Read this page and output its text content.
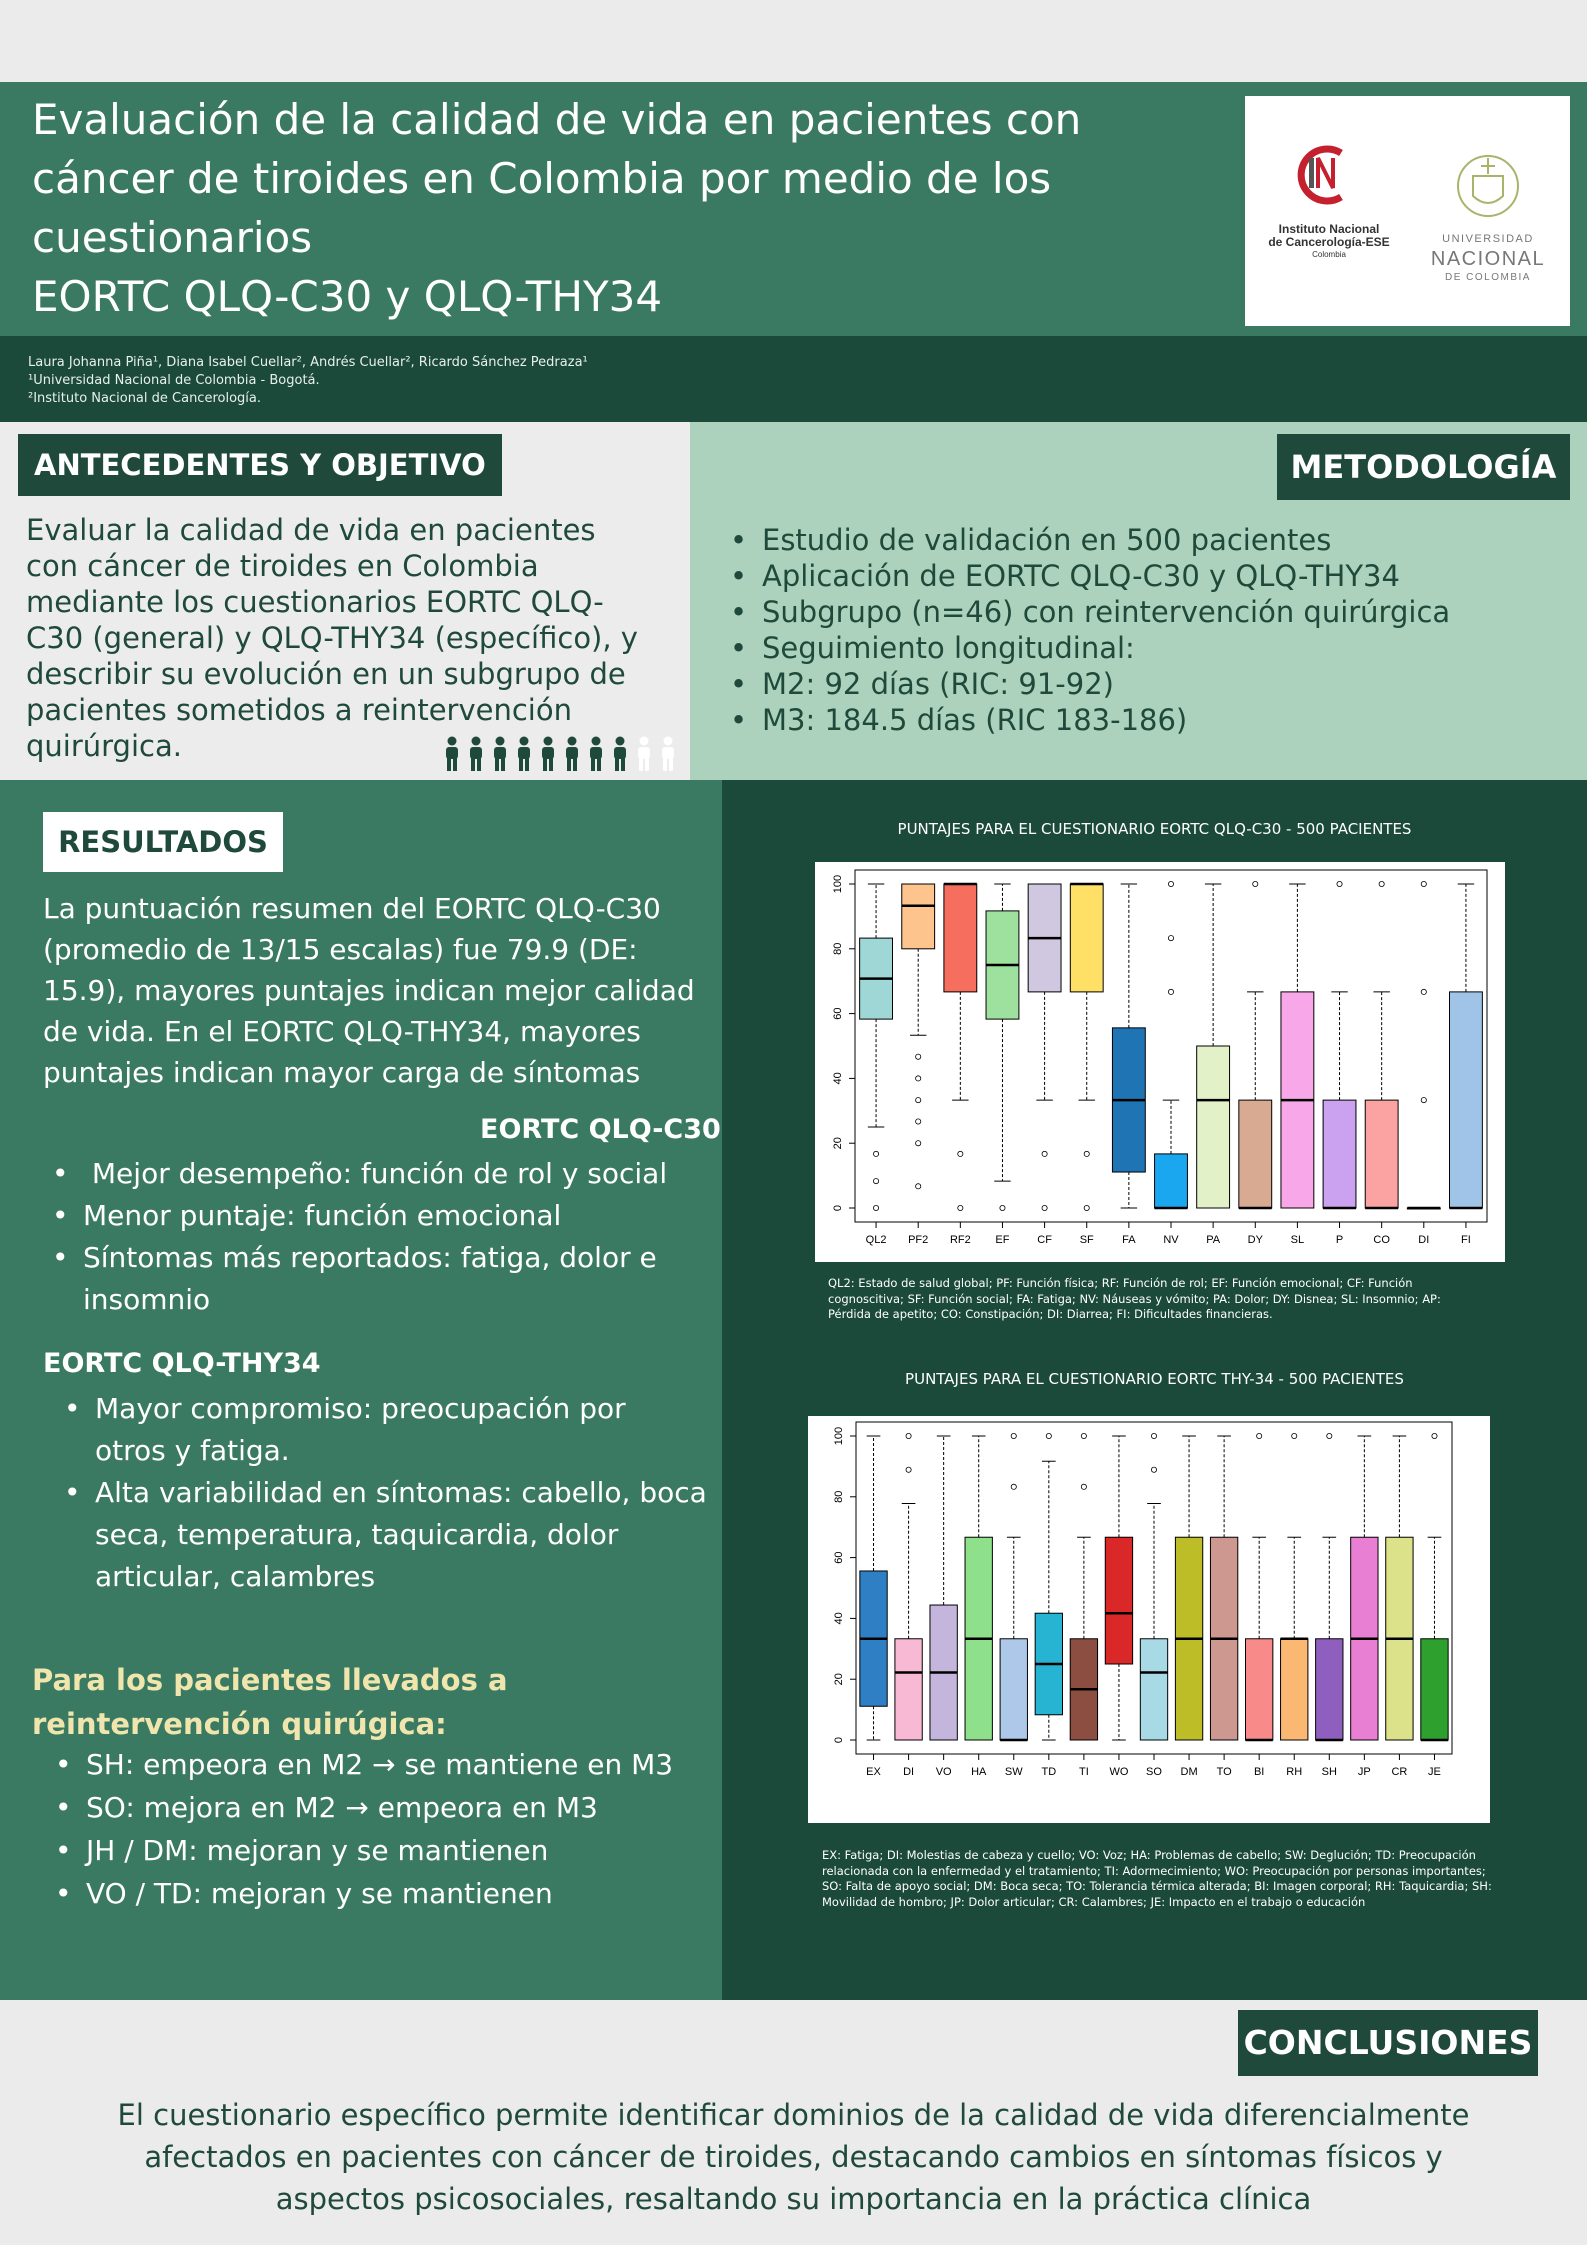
Evaluación de la calidad de vida en pacientes con
cáncer de tiroides en Colombia por medio de los
cuestionarios
EORTC QLQ-C30 y QLQ-THY34
Instituto Nacional
de Cancerología-ESE
Colombia
UNIVERSIDAD
NACIONAL
DE COLOMBIA
Laura Johanna Piña¹, Diana Isabel Cuellar², Andrés Cuellar², Ricardo Sánchez Pedraza¹
¹Universidad Nacional de Colombia - Bogotá.
²Instituto Nacional de Cancerología.
ANTECEDENTES Y OBJETIVO
Evaluar la calidad de vida en pacientes
con cáncer de tiroides en Colombia
mediante los cuestionarios EORTC QLQ-
C30 (general) y QLQ-THY34 (específico), y
describir su evolución en un subgrupo de
pacientes sometidos a reintervención
quirúrgica.
METODOLOGÍA
• Estudio de validación en 500 pacientes
• Aplicación de EORTC QLQ-C30 y QLQ-THY34
• Subgrupo (n=46) con reintervención quirúrgica
• Seguimiento longitudinal:
• M2: 92 días (RIC: 91-92)
• M3: 184.5 días (RIC 183-186)
RESULTADOS
La puntuación resumen del EORTC QLQ-C30
(promedio de 13/15 escalas) fue 79.9 (DE:
15.9), mayores puntajes indican mejor calidad
de vida. En el EORTC QLQ-THY34, mayores
puntajes indican mayor carga de síntomas
EORTC QLQ-C30
• Mejor desempeño: función de rol y social
• Menor puntaje: función emocional
• Síntomas más reportados: fatiga, dolor e
insomnio
EORTC QLQ-THY34
• Mayor compromiso: preocupación por
otros y fatiga.
• Alta variabilidad en síntomas: cabello, boca
seca, temperatura, taquicardia, dolor
articular, calambres
Para los pacientes llevados a
reintervención quirúgica:
• SH: empeora en M2 → se mantiene en M3
• SO: mejora en M2 → empeora en M3
• JH / DM: mejoran y se mantienen
• VO / TD: mejoran y se mantienen
PUNTAJES PARA EL CUESTIONARIO EORTC QLQ-C30 - 500 PACIENTES
0
20
40
60
80
100
QL2 PF2 RF2 EF	CF	SF	FA	NV	PA	DY	SL	P	CO	DI	FI
QL2: Estado de salud global; PF: Función física; RF: Función de rol; EF: Función emocional; CF: Función
cognoscitiva; SF: Función social; FA: Fatiga; NV: Náuseas y vómito; PA: Dolor; DY: Disnea; SL: Insomnio; AP:
Pérdida de apetito; CO: Constipación; DI: Diarrea; FI: Dificultades financieras.
PUNTAJES PARA EL CUESTIONARIO EORTC THY-34 - 500 PACIENTES
0
20
40
60
80
100
EX DI VO HA SW TD TI WO SO DM TO BI RH SH JP CR JE
EX: Fatiga; DI: Molestias de cabeza y cuello; VO: Voz; HA: Problemas de cabello; SW: Deglución; TD: Preocupación
relacionada con la enfermedad y el tratamiento; TI: Adormecimiento; WO: Preocupación por personas importantes;
SO: Falta de apoyo social; DM: Boca seca; TO: Tolerancia térmica alterada; BI: Imagen corporal; RH: Taquicardia; SH:
Movilidad de hombro; JP: Dolor articular; CR: Calambres; JE: Impacto en el trabajo o educación
CONCLUSIONES
El cuestionario específico permite identificar dominios de la calidad de vida diferencialmente
afectados en pacientes con cáncer de tiroides, destacando cambios en síntomas físicos y
aspectos psicosociales, resaltando su importancia en la práctica clínica
